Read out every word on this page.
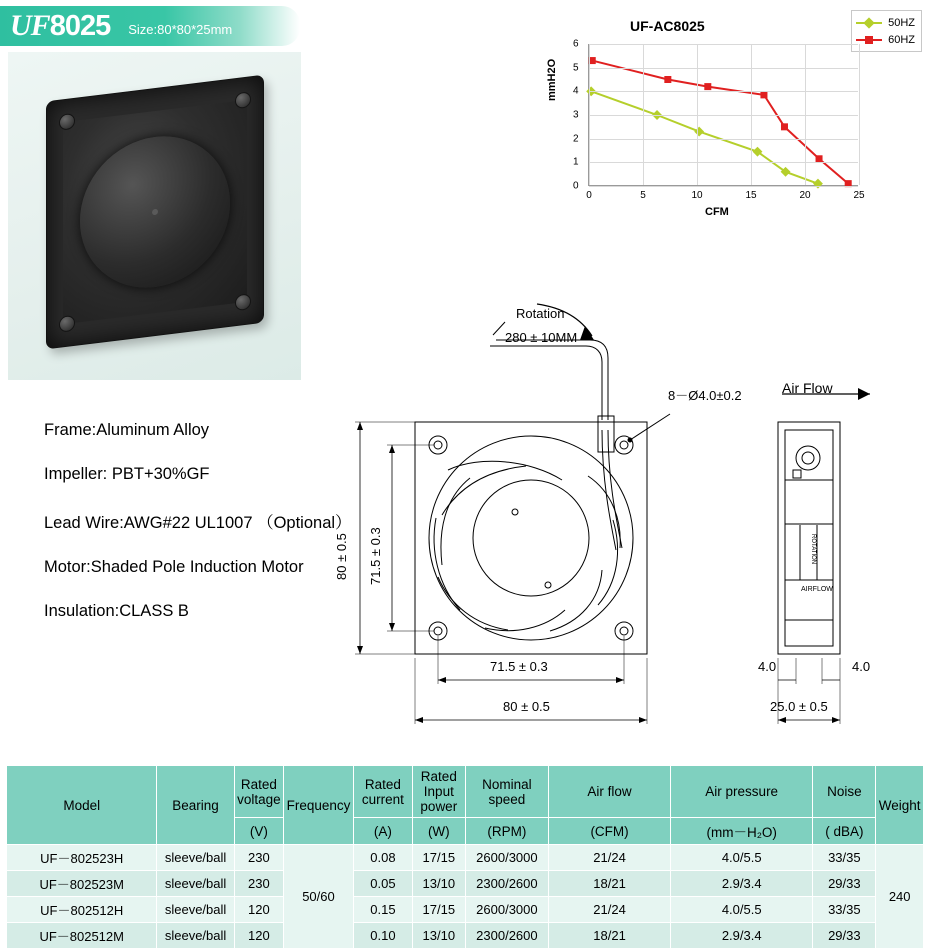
UF 8025 Size:80*80*25mm
Frame:Aluminum Alloy
Impeller: PBT+30%GF
Lead Wire:AWG#22 UL1007 （Optional）
Motor:Shaded Pole Induction Motor
Insulation:CLASS B
UF-AC8025	50HZ
60HZ
mmH2O
CFM
0	5	10	15	20	25
0
1
2
3
4
5
6
Rotation
280 ± 10MM
8－Ø4.0±0.2
80 ± 0.5 71.5 ± 0.3
71.5 ± 0.3
80 ± 0.5
Air Flow
AIRFLOW
ROTATION
4.0	4.0
25.0 ± 0.5
Model	Bearing	Rated voltage	Frequency	Rated current	Rated Input power	Nominal speed	Air flow	Air pressure	Noise	Weight
		(V)		(A)	(W)	(RPM)	(CFM)	(mm－H₂O)	( dBA)	
UF－802523H	sleeve/ball	230	50/60	0.08	17/15	2600/3000	21/24	4.0/5.5	33/35	240
UF－802523M	sleeve/ball	230		0.05	13/10	2300/2600	18/21	2.9/3.4	29/33	
UF－802512H	sleeve/ball	120		0.15	17/15	2600/3000	21/24	4.0/5.5	33/35	
UF－802512M	sleeve/ball	120		0.10	13/10	2300/2600	18/21	2.9/3.4	29/33	
